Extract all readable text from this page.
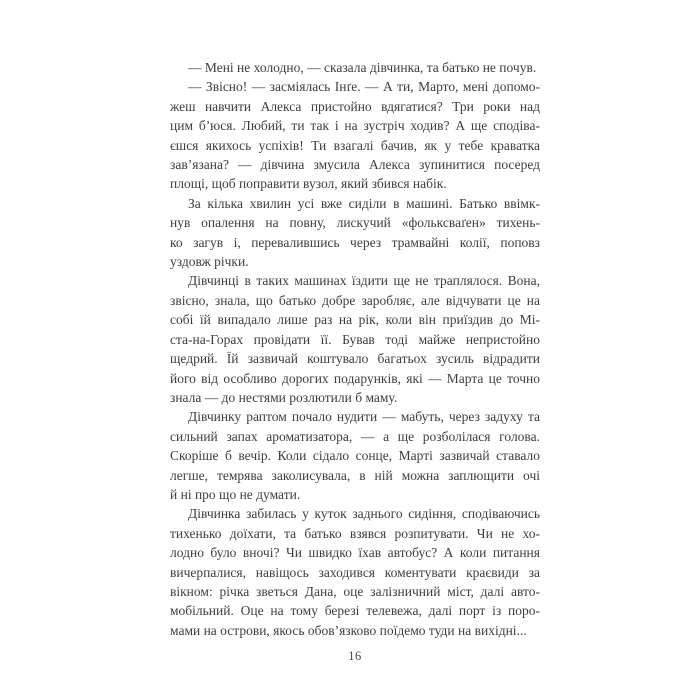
— Мені не холодно, — сказала дівчинка, та батько не почув.
— Звісно! — засміялась Інґе. — А ти, Марто, мені допомо-
жеш навчити Алекса пристойно вдягатися? Три роки над
цим б’юся. Любий, ти так і на зустріч ходив? А ще сподіва-
єшся якихось успіхів! Ти взагалі бачив, як у тебе краватка
зав’язана? — дівчина змусила Алекса зупинитися посеред
площі, щоб поправити вузол, який збився набік.
За кілька хвилин усі вже сиділи в машині. Батько ввімк-
нув опалення на повну, лискучий «фольксваґен» тихень-
ко загув і, перевалившись через трамвайні колії, поповз
уздовж річки.
Дівчинці в таких машинах їздити ще не траплялося. Вона,
звісно, знала, що батько добре заробляє, але відчувати це на
собі їй випадало лише раз на рік, коли він приїздив до Мі-
ста-на-Горах провідати її. Бував тоді майже непристойно
щедрий. Їй зазвичай коштувало багатьох зусиль відрадити
його від особливо дорогих подарунків, які — Марта це точно
знала — до нестями розлютили б маму.
Дівчинку раптом почало нудити — мабуть, через задуху та
сильний запах ароматизатора, — а ще розболілася голова.
Скоріше б вечір. Коли сідало сонце, Марті зазвичай ставало
легше, темрява заколисувала, в ній можна заплющити очі
й ні про що не думати.
Дівчинка забилась у куток заднього сидіння, сподіваючись
тихенько доїхати, та батько взявся розпитувати. Чи не хо-
лодно було вночі? Чи швидко їхав автобус? А коли питання
вичерпалися, навіщось заходився коментувати краєвиди за
вікном: річка зветься Дана, оце залізничний міст, далі авто-
мобільний. Оце на тому березі телевежа, далі порт із поро-
мами на острови, якось обов’язково поїдемо туди на вихідні...
16
